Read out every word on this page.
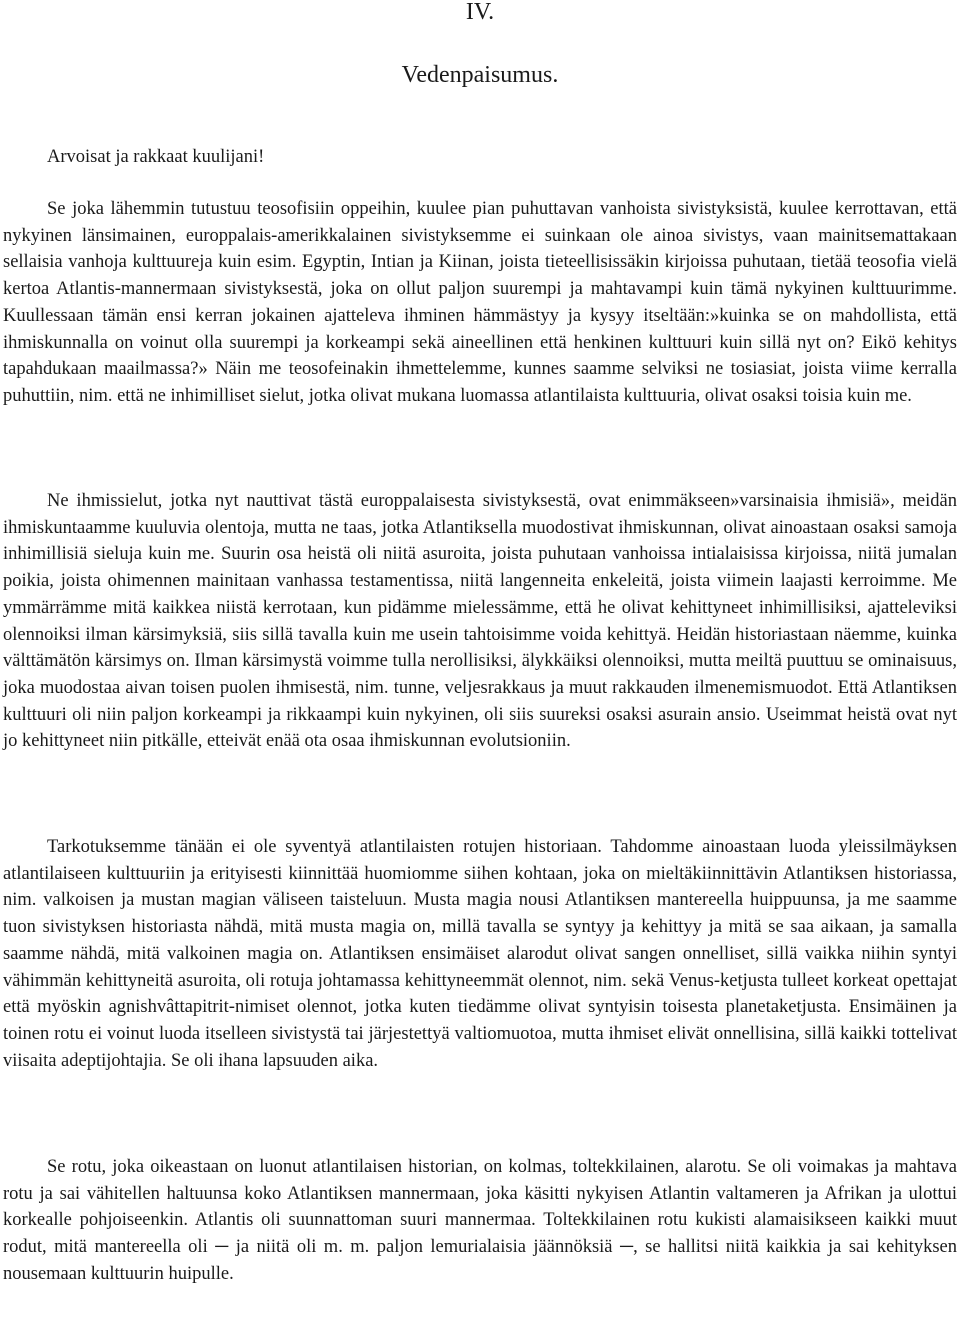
IV.
Vedenpaisumus.

Arvoisat ja rakkaat kuulijani!

Se joka lähemmin tutustuu teosofisiin oppeihin, kuulee pian puhuttavan vanhoista sivistyksistä, kuulee kerrottavan, että nykyinen länsimainen, europpalais-amerikkalainen sivistyksemme ei suinkaan ole ainoa sivistys, vaan mainitsemattakaan sellaisia vanhoja kulttuureja kuin esim. Egyptin, Intian ja Kiinan, joista tieteellisissäkin kirjoissa puhutaan, tietää teosofia vielä kertoa Atlantis-mannermaan sivistyksestä, joka on ollut paljon suurempi ja mahtavampi kuin tämä nykyinen kulttuurimme. Kuullessaan tämän ensi kerran jokainen ajatteleva ihminen hämmästyy ja kysyy itseltään:»kuinka se on mahdollista, että ihmiskunnalla on voinut olla suurempi ja korkeampi sekä aineellinen että henkinen kulttuuri kuin sillä nyt on? Eikö kehitys tapahdukaan maailmassa?» Näin me teosofeinakin ihmettelemme, kunnes saamme selviksi ne tosiasiat, joista viime kerralla puhuttiin, nim. että ne inhimilliset sielut, jotka olivat mukana luomassa atlantilaista kulttuuria, olivat osaksi toisia kuin me.

Ne ihmissielut, jotka nyt nauttivat tästä europpalaisesta sivistyksestä, ovat enimmäkseen»varsinaisia ihmisiä», meidän ihmiskuntaamme kuuluvia olentoja, mutta ne taas, jotka Atlantiksella muodostivat ihmiskunnan, olivat ainoastaan osaksi samoja inhimillisiä sieluja kuin me. Suurin osa heistä oli niitä asuroita, joista puhutaan vanhoissa intialaisissa kirjoissa, niitä jumalan poikia, joista ohimennen mainitaan vanhassa testamentissa, niitä langenneita enkeleitä, joista viimein laajasti kerroimme. Me ymmärrämme mitä kaikkea niistä kerrotaan, kun pidämme mielessämme, että he olivat kehittyneet inhimillisiksi, ajatteleviksi olennoiksi ilman kärsimyksiä, siis sillä tavalla kuin me usein tahtoisimme voida kehittyä. Heidän historiastaan näemme, kuinka välttämätön kärsimys on. Ilman kärsimystä voimme tulla nerollisiksi, älykkäiksi olennoiksi, mutta meiltä puuttuu se ominaisuus, joka muodostaa aivan toisen puolen ihmisestä, nim. tunne, veljesrakkaus ja muut rakkauden ilmenemismuodot. Että Atlantiksen kulttuuri oli niin paljon korkeampi ja rikkaampi kuin nykyinen, oli siis suureksi osaksi asurain ansio. Useimmat heistä ovat nyt jo kehittyneet niin pitkälle, etteivät enää ota osaa ihmiskunnan evolutsioniin.

Tarkotuksemme tänään ei ole syventyä atlantilaisten rotujen historiaan. Tahdomme ainoastaan luoda yleissilmäyksen atlantilaiseen kulttuuriin ja erityisesti kiinnittää huomiomme siihen kohtaan, joka on mieltäkiinnittävin Atlantiksen historiassa, nim. valkoisen ja mustan magian väliseen taisteluun. Musta magia nousi Atlantiksen mantereella huippuunsa, ja me saamme tuon sivistyksen historiasta nähdä, mitä musta magia on, millä tavalla se syntyy ja kehittyy ja mitä se saa aikaan, ja samalla saamme nähdä, mitä valkoinen magia on. Atlantiksen ensimäiset alarodut olivat sangen onnelliset, sillä vaikka niihin syntyi vähimmän kehittyneitä asuroita, oli rotuja johtamassa kehittyneemmät olennot, nim. sekä Venus-ketjusta tulleet korkeat opettajat että myöskin agnishvâttapitrit-nimiset olennot, jotka kuten tiedämme olivat syntyisin toisesta planetaketjusta. Ensimäinen ja toinen rotu ei voinut luoda itselleen sivistystä tai järjestettyä valtiomuotoa, mutta ihmiset elivät onnellisina, sillä kaikki tottelivat viisaita adeptijohtajia. Se oli ihana lapsuuden aika.

Se rotu, joka oikeastaan on luonut atlantilaisen historian, on kolmas, toltekkilainen, alarotu. Se oli voimakas ja mahtava rotu ja sai vähitellen haltuunsa koko Atlantiksen mannermaan, joka käsitti nykyisen Atlantin valtameren ja Afrikan ja ulottui korkealle pohjoiseenkin. Atlantis oli suunnattoman suuri mannermaa. Toltekkilainen rotu kukisti alamaisikseen kaikki muut rodut, mitä mantereella oli ─ ja niitä oli m. m. paljon lemurialaisia jäännöksiä ─, se hallitsi niitä kaikkia ja sai kehityksen nousemaan kulttuurin huipulle.
